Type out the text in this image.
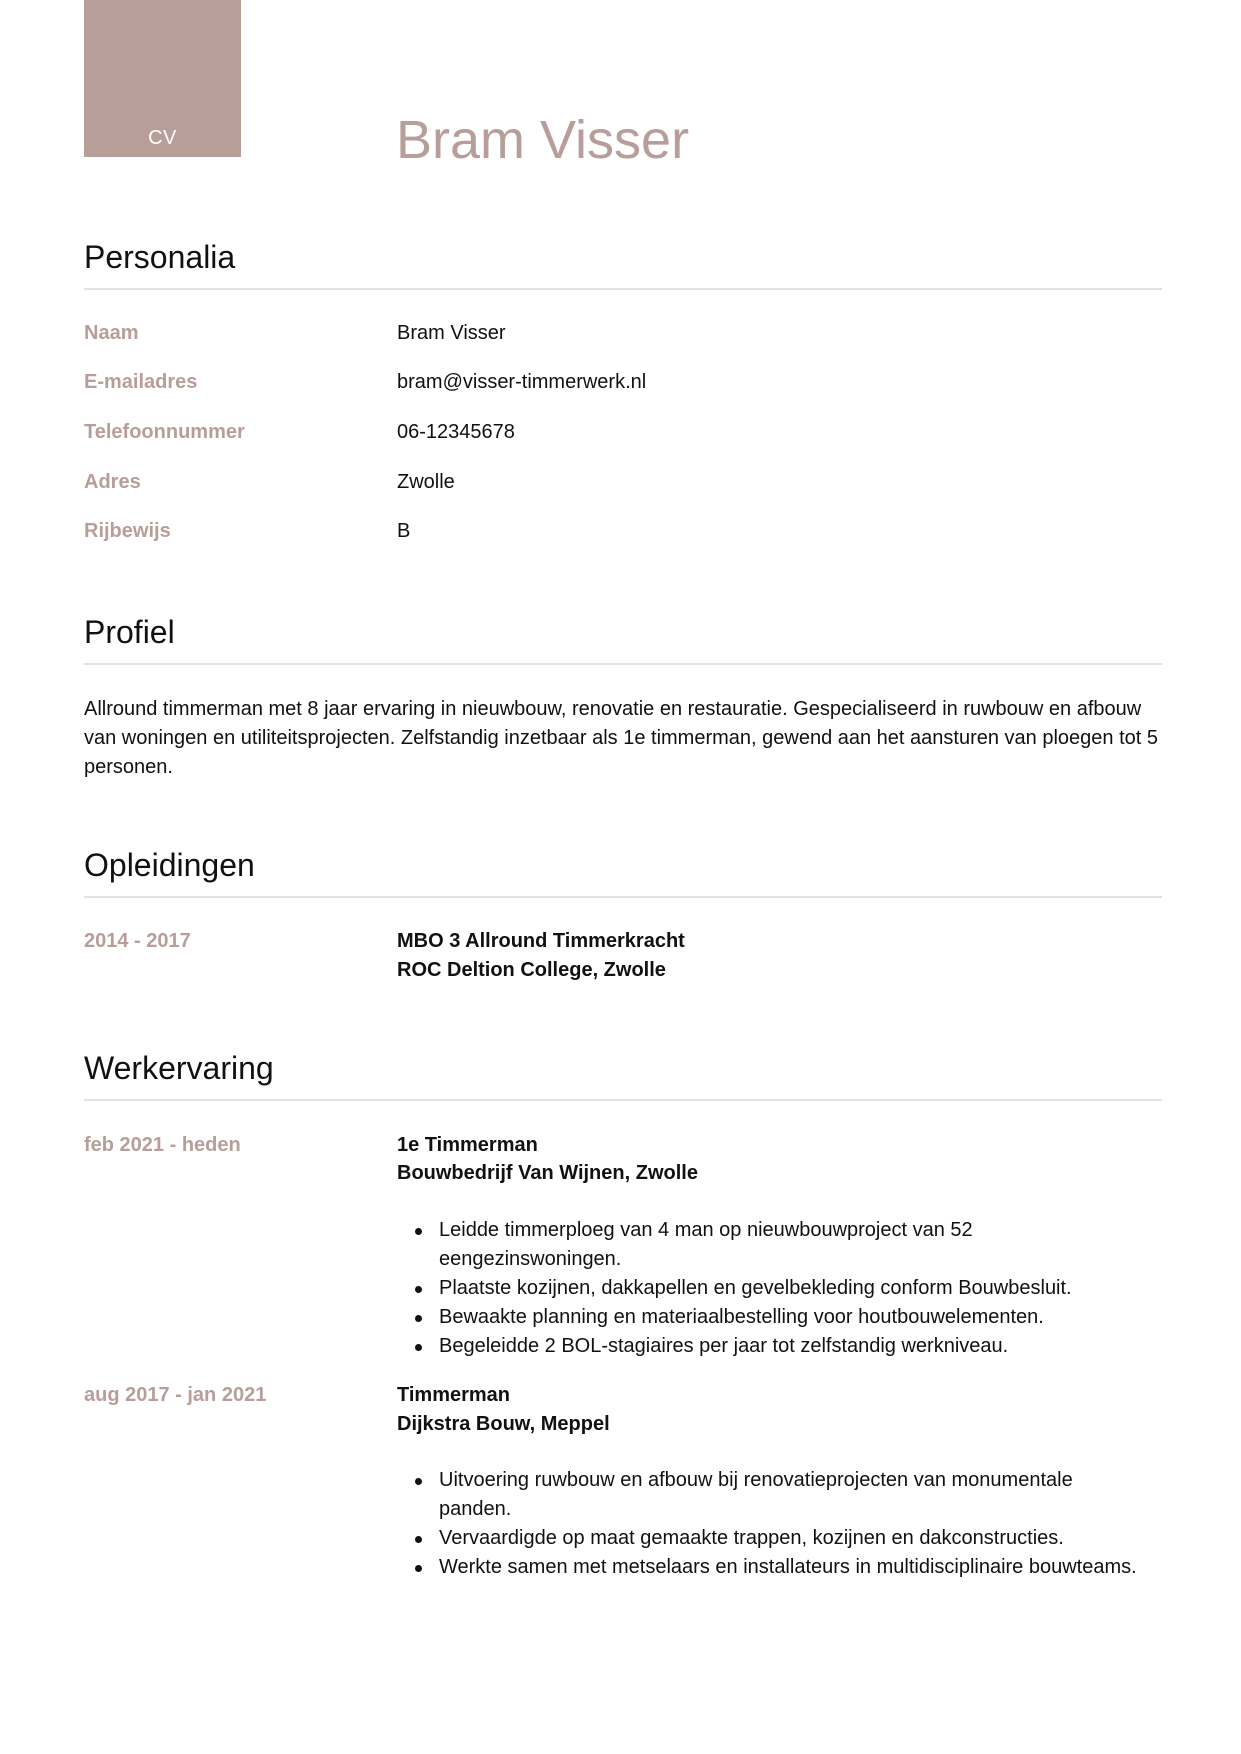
CV	Bram Visser
Personalia
Naam	Bram Visser
E-mailadres	bram@visser-timmerwerk.nl
Telefoonnummer	06-12345678
Adres	Zwolle
Rijbewijs	B
Profiel

Allround timmerman met 8 jaar ervaring in nieuwbouw, renovatie en restauratie. Gespecialiseerd in ruwbouw en afbouw van woningen en utiliteitsprojecten. Zelfstandig inzetbaar als 1e timmerman, gewend aan het aansturen van ploegen tot 5 personen.

Opleidingen
2014 - 2017	MBO 3 Allround Timmerkracht
ROC Deltion College, Zwolle
Werkervaring
feb 2021 - heden	1e Timmerman
Bouwbedrijf Van Wijnen, Zwolle
Leidde timmerploeg van 4 man op nieuwbouwproject van 52 eengezinswoningen.
Plaatste kozijnen, dakkapellen en gevelbekleding conform Bouwbesluit.
Bewaakte planning en materiaalbestelling voor houtbouwelementen.
Begeleidde 2 BOL-stagiaires per jaar tot zelfstandig werkniveau.
aug 2017 - jan 2021	Timmerman
Dijkstra Bouw, Meppel
Uitvoering ruwbouw en afbouw bij renovatieprojecten van monumentale panden.
Vervaardigde op maat gemaakte trappen, kozijnen en dakconstructies.
Werkte samen met metselaars en installateurs in multidisciplinaire bouwteams.
